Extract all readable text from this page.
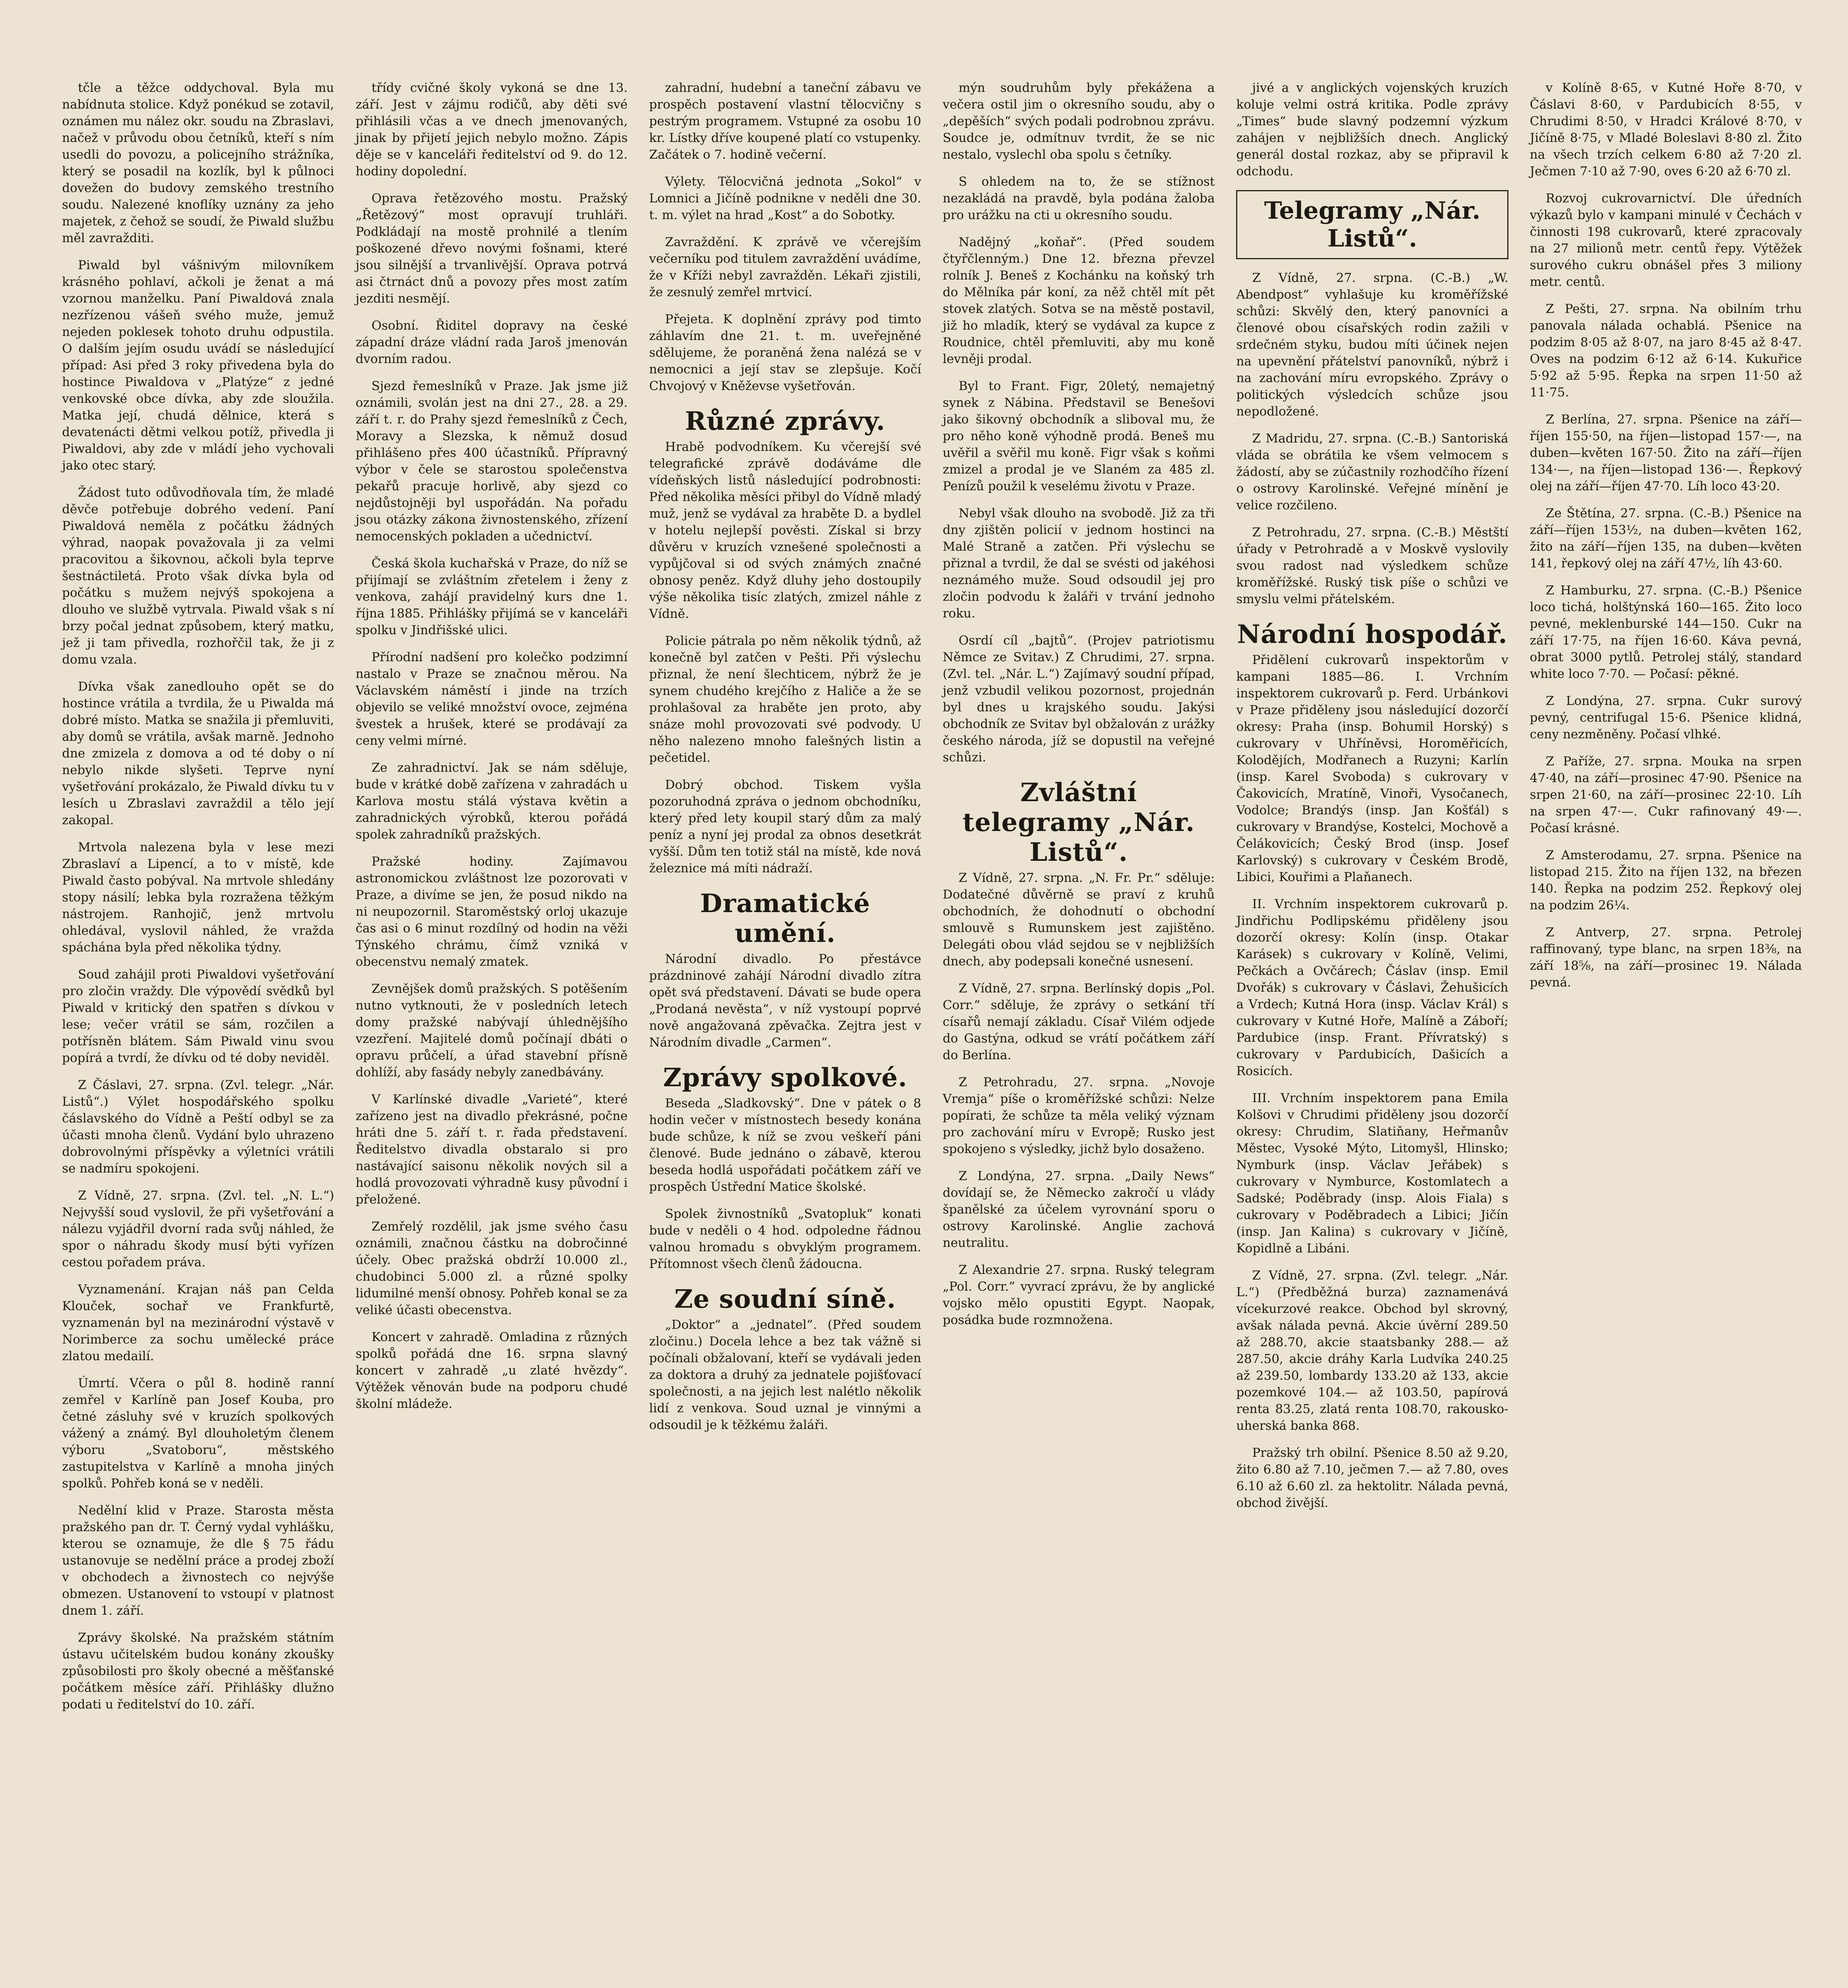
tčle a těžce oddychoval. Byla mu nabídnuta stolice. Když ponékud se zotavil, oznámen mu nález okr. soudu na Zbraslavi, načež v průvodu obou četníků, kteří s ním usedli do povozu, a policejního strážníka, který se posadil na kozlík, byl k půlnoci dovežen do budovy zemského trestního soudu. Nalezené knoflíky uznány za jeho majetek, z čehož se soudí, že Piwald službu měl zavražditi.

Piwald byl vášnivým milovníkem krásného pohlaví, ačkoli je ženat a má vzornou manželku. Paní Piwaldová znala nezřízenou vášeň svého muže, jemuž nejeden poklesek tohoto druhu odpustila. O dalším jejím osudu uvádí se následující případ: Asi před 3 roky přivedena byla do hostince Piwaldova v „Platýze“ z jedné venkovské obce dívka, aby zde sloužila. Matka její, chudá dělnice, která s devatenácti dětmi velkou potíž, přivedla ji Piwaldovi, aby zde v mládí jeho vychovali jako otec starý.

Žádost tuto odůvodňovala tím, že mladé děvče potřebuje dobrého vedení. Paní Piwaldová neměla z počátku žádných výhrad, naopak považovala ji za velmi pracovitou a šikovnou, ačkoli byla teprve šestnáctiletá. Proto však dívka byla od počátku s mužem nejvýš spokojena a dlouho ve službě vytrvala. Piwald však s ní brzy počal jednat způsobem, který matku, jež ji tam přivedla, rozhořčil tak, že ji z domu vzala.

Dívka však zanedlouho opět se do hostince vrátila a tvrdila, že u Piwalda má dobré místo. Matka se snažila ji přemluviti, aby domů se vrátila, avšak marně. Jednoho dne zmizela z domova a od té doby o ní nebylo nikde slyšeti. Teprve nyní vyšetřování prokázalo, že Piwald dívku tu v lesích u Zbraslavi zavraždil a tělo její zakopal.

Mrtvola nalezena byla v lese mezi Zbraslaví a Lipencí, a to v místě, kde Piwald často pobýval. Na mrtvole shledány stopy násilí; lebka byla rozražena těžkým nástrojem. Ranhojič, jenž mrtvolu ohledával, vyslovil náhled, že vražda spáchána byla před několika týdny.

Soud zahájil proti Piwaldovi vyšetřování pro zločin vraždy. Dle výpovědí svědků byl Piwald v kritický den spatřen s dívkou v lese; večer vrátil se sám, rozčilen a potřísněn blátem. Sám Piwald vinu svou popírá a tvrdí, že dívku od té doby neviděl.

Z Čáslavi, 27. srpna. (Zvl. telegr. „Nár. Listů“.) Výlet hospodářského spolku čáslavského do Vídně a Peští odbyl se za účasti mnoha členů. Vydání bylo uhrazeno dobrovolnými příspěvky a výletníci vrátili se nadmíru spokojeni.

Z Vídně, 27. srpna. (Zvl. tel. „N. L.“) Nejvyšší soud vyslovil, že při vyšetřování a nálezu vyjádřil dvorní rada svůj náhled, že spor o náhradu škody musí býti vyřízen cestou pořadem práva.

Vyznamenání. Krajan náš pan Celda Klouček, sochař ve Frankfurtě, vyznamenán byl na mezinárodní výstavě v Norimberce za sochu umělecké práce zlatou medailí.

Úmrtí. Včera o půl 8. hodině ranní zemřel v Karlíně pan Josef Kouba, pro četné zásluhy své v kruzích spolkových vážený a známý. Byl dlouholetým členem výboru „Svatoboru“, městského zastupitelstva v Karlíně a mnoha jiných spolků. Pohřeb koná se v neděli.

Nedělní klid v Praze. Starosta města pražského pan dr. T. Černý vydal vyhlášku, kterou se oznamuje, že dle § 75 řádu ustanovuje se nedělní práce a prodej zboží v obchodech a živnostech co nejvýše obmezen. Ustanovení to vstoupí v platnost dnem 1. září.

Zprávy školské. Na pražském státním ústavu učitelském budou konány zkoušky způsobilosti pro školy obecné a měšťanské počátkem měsíce září. Přihlášky dlužno podati u ředitelství do 10. září.

třídy cvičné školy vykoná se dne 13. září. Jest v zájmu rodičů, aby děti své přihlásili včas a ve dnech jmenovaných, jinak by přijetí jejich nebylo možno. Zápis děje se v kanceláři ředitelství od 9. do 12. hodiny dopolední.

Oprava řetězového mostu. Pražský „Řetězový“ most opravují truhláři. Podkládají na mostě prohnilé a tlením poškozené dřevo novými fošnami, které jsou silnější a trvanlivější. Oprava potrvá asi čtrnáct dnů a povozy přes most zatím jezditi nesmějí.

Osobní. Řiditel dopravy na české západní dráze vládní rada Jaroš jmenován dvorním radou.

Sjezd řemeslníků v Praze. Jak jsme již oznámili, svolán jest na dni 27., 28. a 29. září t. r. do Prahy sjezd řemeslníků z Čech, Moravy a Slezska, k němuž dosud přihlášeno přes 400 účastníků. Přípravný výbor v čele se starostou společenstva pekařů pracuje horlivě, aby sjezd co nejdůstojněji byl uspořádán. Na pořadu jsou otázky zákona živnostenského, zřízení nemocenských pokladen a učednictví.

Česká škola kuchařská v Praze, do níž se přijímají se zvláštním zřetelem i ženy z venkova, zahájí pravidelný kurs dne 1. října 1885. Přihlášky přijímá se v kanceláři spolku v Jindřišské ulici.

Přírodní nadšení pro kolečko podzimní nastalo v Praze se značnou měrou. Na Václavském náměstí i jinde na trzích objevilo se veliké množství ovoce, zejména švestek a hrušek, které se prodávají za ceny velmi mírné.

Ze zahradnictví. Jak se nám sděluje, bude v krátké době zařízena v zahradách u Karlova mostu stálá výstava květin a zahradnických výrobků, kterou pořádá spolek zahradníků pražských.

Pražské hodiny. Zajímavou astronomickou zvláštnost lze pozorovati v Praze, a divíme se jen, že posud nikdo na ni neupozornil. Staroměstský orloj ukazuje čas asi o 6 minut rozdílný od hodin na věži Týnského chrámu, čímž vzniká v obecenstvu nemalý zmatek.

Zevnějšek domů pražských. S potěšením nutno vytknouti, že v posledních letech domy pražské nabývají úhlednějšího vzezření. Majitelé domů počínají dbáti o opravu průčelí, a úřad stavební přísně dohlíží, aby fasády nebyly zanedbávány.

V Karlínské divadle „Varieté“, které zařízeno jest na divadlo překrásné, počne hráti dne 5. září t. r. řada představení. Ředitelstvo divadla obstaralo si pro nastávající saisonu několik nových sil a hodlá provozovati výhradně kusy původní i přeložené.

Zemřelý rozdělil, jak jsme svého času oznámili, značnou částku na dobročinné účely. Obec pražská obdrží 10.000 zl., chudobinci 5.000 zl. a různé spolky lidumilné menší obnosy. Pohřeb konal se za veliké účasti obecenstva.

Koncert v zahradě. Omladina z různých spolků pořádá dne 16. srpna slavný koncert v zahradě „u zlaté hvězdy“. Výtěžek věnován bude na podporu chudé školní mládeže.

zahradní, hudební a taneční zábavu ve prospěch postavení vlastní tělocvičny s pestrým programem. Vstupné za osobu 10 kr. Lístky dříve koupené platí co vstupenky. Začátek o 7. hodině večerní.

Výlety. Tělocvičná jednota „Sokol“ v Lomnici a Jičíně podnikne v neděli dne 30. t. m. výlet na hrad „Kost“ a do Sobotky.

Zavraždění. K zprávě ve včerejším večerníku pod titulem zavraždění uvádíme, že v Kříži nebyl zavražděn. Lékaři zjistili, že zesnulý zemřel mrtvicí.

Přejeta. K doplnění zprávy pod timto záhlavím dne 21. t. m. uveřejněné sdělujeme, že poraněná žena nalézá se v nemocnici a její stav se zlepšuje. Kočí Chvojový v Kněževse vyšetřován.

Různé zprávy.

Hrabě podvodníkem. Ku včerejší své telegrafické zprávě dodáváme dle vídeňských listů následující podrobnosti: Před několika měsíci přibyl do Vídně mladý muž, jenž se vydával za hraběte D. a bydlel v hotelu nejlepší pověsti. Získal si brzy důvěru v kruzích vznešené společnosti a vypůjčoval si od svých známých značné obnosy peněz. Když dluhy jeho dostoupily výše několika tisíc zlatých, zmizel náhle z Vídně.

Policie pátrala po něm několik týdnů, až konečně byl zatčen v Pešti. Při výslechu přiznal, že není šlechticem, nýbrž že je synem chudého krejčího z Haliče a že se prohlašoval za hraběte jen proto, aby snáze mohl provozovati své podvody. U něho nalezeno mnoho falešných listin a pečetidel.

Dobrý obchod. Tiskem vyšla pozoruhodná zpráva o jednom obchodníku, který před lety koupil starý dům za malý peníz a nyní jej prodal za obnos desetkrát vyšší. Dům ten totiž stál na místě, kde nová železnice má míti nádraží.

Dramatické umění.

Národní divadlo. Po přestávce prázdninové zahájí Národní divadlo zítra opět svá představení. Dávati se bude opera „Prodaná nevěsta“, v níž vystoupí poprvé nově angažovaná zpěvačka. Zejtra jest v Národním divadle „Carmen“.

Zprávy spolkové.

Beseda „Sladkovský“. Dne v pátek o 8 hodin večer v místnostech besedy konána bude schůze, k níž se zvou veškeří páni členové. Bude jednáno o zábavě, kterou beseda hodlá uspořádati počátkem září ve prospěch Ústřední Matice školské.

Spolek živnostníků „Svatopluk“ konati bude v neděli o 4 hod. odpoledne řádnou valnou hromadu s obvyklým programem. Přítomnost všech členů žádoucna.

Ze soudní síně.

„Doktor“ a „jednatel“. (Před soudem zločinu.) Docela lehce a bez tak vážně si počínali obžalovaní, kteří se vydávali jeden za doktora a druhý za jednatele pojišťovací společnosti, a na jejich lest nalétlo několik lidí z venkova. Soud uznal je vinnými a odsoudil je k těžkému žaláři.

mýn soudruhům byly překážena a večera ostil jim o okresního soudu, aby o „depěších“ svých podali podrobnou zprávu. Soudce je, odmítnuv tvrdit, že se nic nestalo, vyslechl oba spolu s četníky.

S ohledem na to, že se stížnost nezakládá na pravdě, byla podána žaloba pro urážku na cti u okresního soudu.

Nadějný „koňař“. (Před soudem čtyřčlenným.) Dne 12. března převzel rolník J. Beneš z Kochánku na koňský trh do Mělníka pár koní, za něž chtěl mít pět stovek zlatých. Sotva se na městě postavil, již ho mladík, který se vydával za kupce z Roudnice, chtěl přemluviti, aby mu koně levněji prodal.

Byl to Frant. Figr, 20letý, nemajetný synek z Nábina. Představil se Benešovi jako šikovný obchodník a sliboval mu, že pro něho koně výhodně prodá. Beneš mu uvěřil a svěřil mu koně. Figr však s koňmi zmizel a prodal je ve Slaném za 485 zl. Penízů použil k veselému životu v Praze.

Nebyl však dlouho na svobodě. Již za tři dny zjištěn policií v jednom hostinci na Malé Straně a zatčen. Při výslechu se přiznal a tvrdil, že dal se svésti od jakéhosi neznámého muže. Soud odsoudil jej pro zločin podvodu k žaláři v trvání jednoho roku.

Osrdí cíl „bajtů“. (Projev patriotismu Němce ze Svitav.) Z Chrudimi, 27. srpna. (Zvl. tel. „Nár. L.“) Zajímavý soudní případ, jenž vzbudil velikou pozornost, projednán byl dnes u krajského soudu. Jakýsi obchodník ze Svitav byl obžalován z urážky českého národa, jíž se dopustil na veřejné schůzi.

Zvláštní telegramy „Nár. Listů“.

Z Vídně, 27. srpna. „N. Fr. Pr.“ sděluje: Dodatečné důvěrně se praví z kruhů obchodních, že dohodnutí o obchodní smlouvě s Rumunskem jest zajištěno. Delegáti obou vlád sejdou se v nejbližších dnech, aby podepsali konečné usnesení.

Z Vídně, 27. srpna. Berlínský dopis „Pol. Corr.“ sděluje, že zprávy o setkání tří císařů nemají základu. Císař Vilém odjede do Gastýna, odkud se vrátí počátkem září do Berlína.

Z Petrohradu, 27. srpna. „Novoje Vremja“ píše o kroměřížské schůzi: Nelze popírati, že schůze ta měla veliký význam pro zachování míru v Evropě; Rusko jest spokojeno s výsledky, jichž bylo dosaženo.

Z Londýna, 27. srpna. „Daily News“ dovídají se, že Německo zakročí u vlády španělské za účelem vyrovnání sporu o ostrovy Karolinské. Anglie zachová neutralitu.

Z Alexandrie 27. srpna. Ruský telegram „Pol. Corr.“ vyvrací zprávu, že by anglické vojsko mělo opustiti Egypt. Naopak, posádka bude rozmnožena.

jivé a v anglických vojenských kruzích koluje velmi ostrá kritika. Podle zprávy „Times“ bude slavný podzemní výzkum zahájen v nejbližších dnech. Anglický generál dostal rozkaz, aby se připravil k odchodu.

Telegramy „Nár. Listů“.

Z Vídně, 27. srpna. (C.-B.) „W. Abendpost“ vyhlašuje ku kroměřížské schůzi: Skvělý den, který panovníci a členové obou císařských rodin zažili v srdečném styku, budou míti účinek nejen na upevnění přátelství panovníků, nýbrž i na zachování míru evropského. Zprávy o politických výsledcích schůze jsou nepodložené.

Z Madridu, 27. srpna. (C.-B.) Santoriská vláda se obrátila ke všem velmocem s žádostí, aby se zúčastnily rozhodčího řízení o ostrovy Karolinské. Veřejné mínění je velice rozčileno.

Z Petrohradu, 27. srpna. (C.-B.) Městští úřady v Petrohradě a v Moskvě vyslovily svou radost nad výsledkem schůze kroměřížské. Ruský tisk píše o schůzi ve smyslu velmi přátelském.

Národní hospodář.

Přidělení cukrovarů inspektorům v kampani 1885—86. I. Vrchním inspektorem cukrovarů p. Ferd. Urbánkovi v Praze přiděleny jsou následující dozorčí okresy: Praha (insp. Bohumil Horský) s cukrovary v Uhříněvsi, Horoměřicích, Kolodějích, Modřanech a Ruzyni; Karlín (insp. Karel Svoboda) s cukrovary v Čakovicích, Mratíně, Vinoři, Vysočanech, Vodolce; Brandýs (insp. Jan Košťál) s cukrovary v Brandýse, Kostelci, Mochově a Čelákovicích; Český Brod (insp. Josef Karlovský) s cukrovary v Českém Brodě, Libici, Kouřimi a Plaňanech.

II. Vrchním inspektorem cukrovarů p. Jindřichu Podlipskému přiděleny jsou dozorčí okresy: Kolín (insp. Otakar Karásek) s cukrovary v Kolíně, Velimi, Pečkách a Ovčárech; Čáslav (insp. Emil Dvořák) s cukrovary v Čáslavi, Žehušicích a Vrdech; Kutná Hora (insp. Václav Král) s cukrovary v Kutné Hoře, Malíně a Záboří; Pardubice (insp. Frant. Přívratský) s cukrovary v Pardubicích, Dašicích a Rosicích.

III. Vrchním inspektorem pana Emila Kolšovi v Chrudimi přiděleny jsou dozorčí okresy: Chrudim, Slatiňany, Heřmanův Městec, Vysoké Mýto, Litomyšl, Hlinsko; Nymburk (insp. Václav Jeřábek) s cukrovary v Nymburce, Kostomlatech a Sadské; Poděbrady (insp. Alois Fiala) s cukrovary v Poděbradech a Libici; Jičín (insp. Jan Kalina) s cukrovary v Jičíně, Kopidlně a Libáni.

Z Vídně, 27. srpna. (Zvl. telegr. „Nár. L.“) (Předběžná burza) zaznamenává vícekurzové reakce. Obchod byl skrovný, avšak nálada pevná. Akcie úvěrní 289.50 až 288.70, akcie staatsbanky 288.— až 287.50, akcie dráhy Karla Ludvíka 240.25 až 239.50, lombardy 133.20 až 133, akcie pozemkové 104.— až 103.50, papírová renta 83.25, zlatá renta 108.70, rakousko-uherská banka 868.

Pražský trh obilní. Pšenice 8.50 až 9.20, žito 6.80 až 7.10, ječmen 7.— až 7.80, oves 6.10 až 6.60 zl. za hektolitr. Nálada pevná, obchod živější.

v Kolíně 8·65, v Kutné Hoře 8·70, v Čáslavi 8·60, v Pardubicích 8·55, v Chrudimi 8·50, v Hradci Králové 8·70, v Jičíně 8·75, v Mladé Boleslavi 8·80 zl. Žito na všech trzích celkem 6·80 až 7·20 zl. Ječmen 7·10 až 7·90, oves 6·20 až 6·70 zl.

Rozvoj cukrovarnictví. Dle úředních výkazů bylo v kampani minulé v Čechách v činnosti 198 cukrovarů, které zpracovaly na 27 milionů metr. centů řepy. Výtěžek surového cukru obnášel přes 3 miliony metr. centů.

Z Pešti, 27. srpna. Na obilním trhu panovala nálada ochablá. Pšenice na podzim 8·05 až 8·07, na jaro 8·45 až 8·47. Oves na podzim 6·12 až 6·14. Kukuřice 5·92 až 5·95. Řepka na srpen 11·50 až 11·75.

Z Berlína, 27. srpna. Pšenice na září—říjen 155·50, na říjen—listopad 157·—, na duben—květen 167·50. Žito na září—říjen 134·—, na říjen—listopad 136·—. Řepkový olej na září—říjen 47·70. Líh loco 43·20.

Ze Štětína, 27. srpna. (C.-B.) Pšenice na září—říjen 153½, na duben—květen 162, žito na září—říjen 135, na duben—květen 141, řepkový olej na září 47½, líh 43·60.

Z Hamburku, 27. srpna. (C.-B.) Pšenice loco tichá, holštýnská 160—165. Žito loco pevné, meklenburské 144—150. Cukr na září 17·75, na říjen 16·60. Káva pevná, obrat 3000 pytlů. Petrolej stálý, standard white loco 7·70. — Počasí: pěkné.

Z Londýna, 27. srpna. Cukr surový pevný, centrifugal 15·6. Pšenice klidná, ceny nezměněny. Počasí vlhké.

Z Paříže, 27. srpna. Mouka na srpen 47·40, na září—prosinec 47·90. Pšenice na srpen 21·60, na září—prosinec 22·10. Líh na srpen 47·—. Cukr rafinovaný 49·—. Počasí krásné.

Z Amsterodamu, 27. srpna. Pšenice na listopad 215. Žito na říjen 132, na březen 140. Řepka na podzim 252. Řepkový olej na podzim 26¼.

Z Antverp, 27. srpna. Petrolej raffinovaný, type blanc, na srpen 18⅜, na září 18⅝, na září—prosinec 19. Nálada pevná.
